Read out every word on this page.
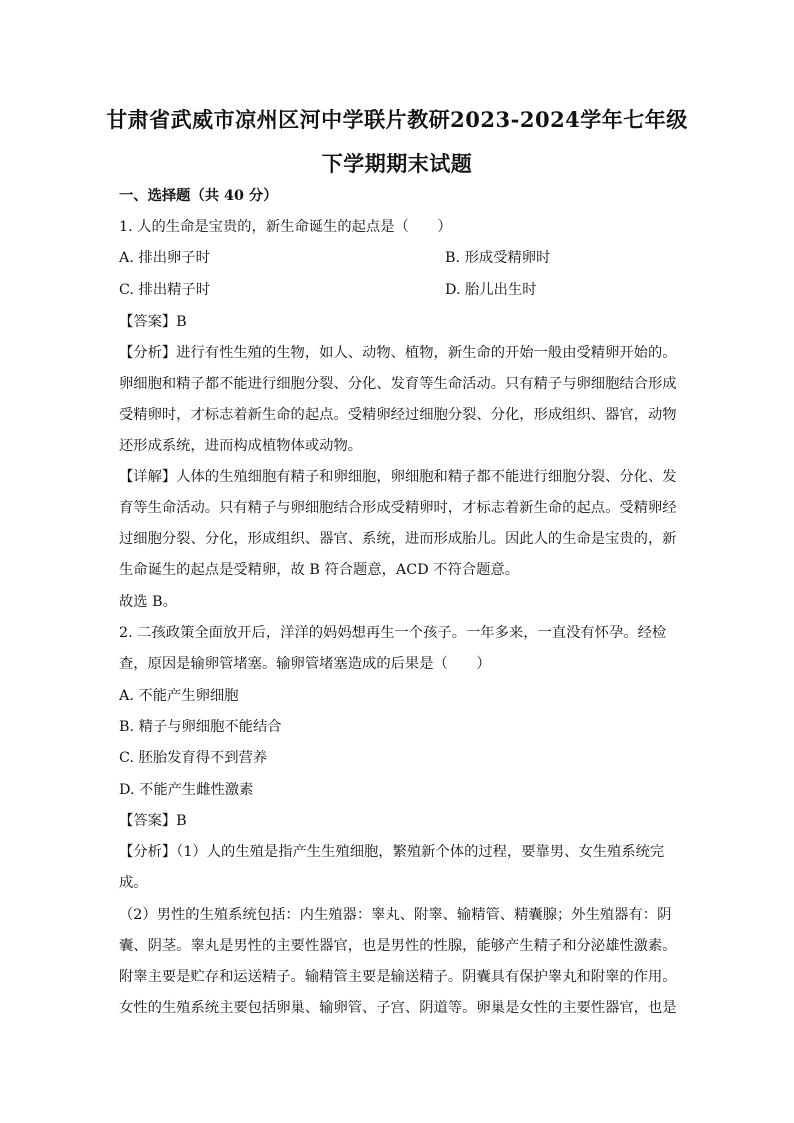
甘肃省武威市凉州区河中学联片教研2023-2024学年七年级
下学期期末试题
一、选择题（共 40 分）
1. 人的生命是宝贵的，新生命诞生的起点是（　　）
A. 排出卵子时	B. 形成受精卵时
C. 排出精子时	D. 胎儿出生时
【答案】B
【分析】进行有性生殖的生物，如人、动物、植物，新生命的开始一般由受精卵开始的。
卵细胞和精子都不能进行细胞分裂、分化、发育等生命活动。只有精子与卵细胞结合形成
受精卵时，才标志着新生命的起点。受精卵经过细胞分裂、分化，形成组织、器官，动物
还形成系统，进而构成植物体或动物。
【详解】人体的生殖细胞有精子和卵细胞，卵细胞和精子都不能进行细胞分裂、分化、发
育等生命活动。只有精子与卵细胞结合形成受精卵时，才标志着新生命的起点。受精卵经
过细胞分裂、分化，形成组织、器官、系统，进而形成胎儿。因此人的生命是宝贵的，新
生命诞生的起点是受精卵，故 B 符合题意，ACD 不符合题意。
故选 B。
2. 二孩政策全面放开后，洋洋的妈妈想再生一个孩子。一年多来，一直没有怀孕。经检
查，原因是输卵管堵塞。输卵管堵塞造成的后果是（　　）
A. 不能产生卵细胞
B. 精子与卵细胞不能结合
C. 胚胎发育得不到营养
D. 不能产生雌性激素
【答案】B
【分析】（1）人的生殖是指产生生殖细胞，繁殖新个体的过程，要靠男、女生殖系统完
成。
（2）男性的生殖系统包括：内生殖器：睾丸、附睾、输精管、精囊腺；外生殖器有：阴
囊、阴茎。睾丸是男性的主要性器官，也是男性的性腺，能够产生精子和分泌雄性激素。
附睾主要是贮存和运送精子。输精管主要是输送精子。阴囊具有保护睾丸和附睾的作用。
女性的生殖系统主要包括卵巢、输卵管、子宫、阴道等。卵巢是女性的主要性器官，也是
